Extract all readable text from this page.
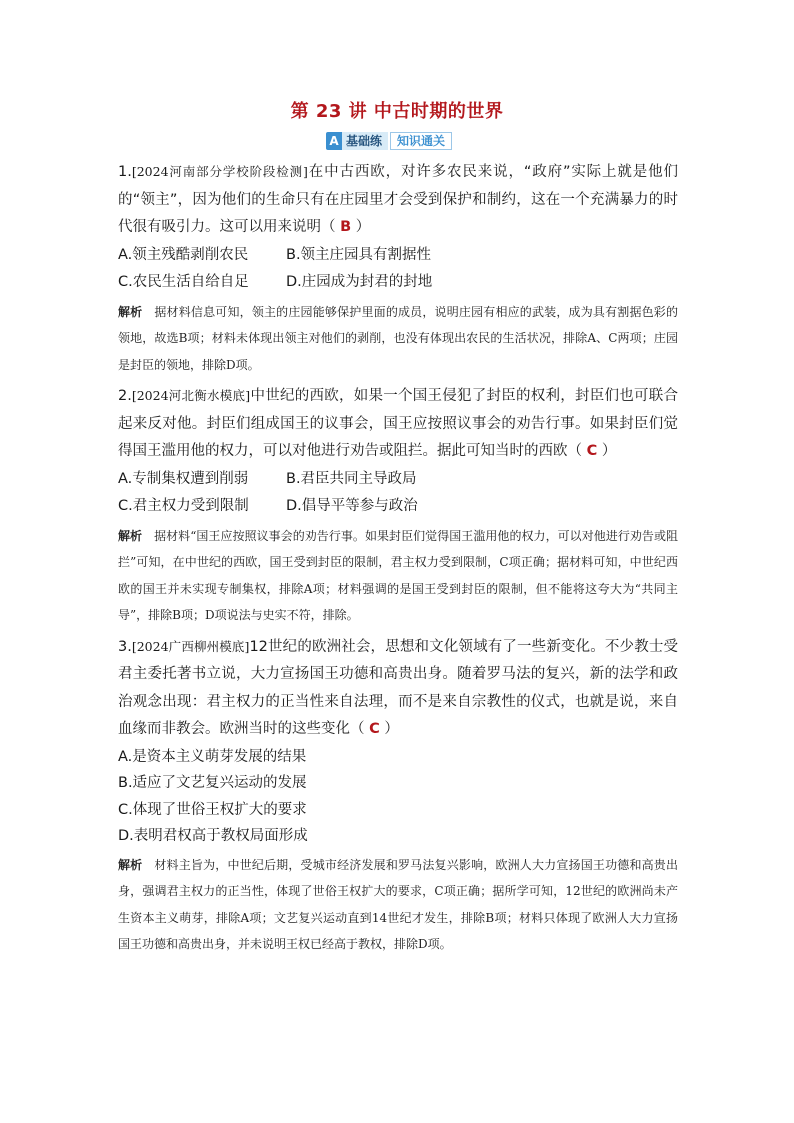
第 23 讲 中古时期的世界
A 基础练	知识通关

1.[2024河南部分学校阶段检测]在中古西欧，对许多农民来说，“政府”实际上就是他们的“领主”，因为他们的生命只有在庄园里才会受到保护和制约，这在一个充满暴力的时代很有吸引力。这可以用来说明（ B ）

A.领主残酷剥削农民	B.领主庄园具有割据性
C.农民生活自给自足	D.庄园成为封君的封地

解析 据材料信息可知，领主的庄园能够保护里面的成员，说明庄园有相应的武装，成为具有割据色彩的领地，故选B项；材料未体现出领主对他们的剥削，也没有体现出农民的生活状况，排除A、C两项；庄园是封臣的领地，排除D项。

2.[2024河北衡水模底]中世纪的西欧，如果一个国王侵犯了封臣的权利，封臣们也可联合起来反对他。封臣们组成国王的议事会，国王应按照议事会的劝告行事。如果封臣们觉得国王滥用他的权力，可以对他进行劝告或阻拦。据此可知当时的西欧（ C ）

A.专制集权遭到削弱	B.君臣共同主导政局
C.君主权力受到限制	D.倡导平等参与政治

解析 据材料“国王应按照议事会的劝告行事。如果封臣们觉得国王滥用他的权力，可以对他进行劝告或阻拦”可知，在中世纪的西欧，国王受到封臣的限制，君主权力受到限制，C项正确；据材料可知，中世纪西欧的国王并未实现专制集权，排除A项；材料强调的是国王受到封臣的限制，但不能将这夸大为“共同主导”，排除B项；D项说法与史实不符，排除。

3.[2024广西柳州模底]12世纪的欧洲社会，思想和文化领域有了一些新变化。不少教士受君主委托著书立说，大力宣扬国王功德和高贵出身。随着罗马法的复兴，新的法学和政治观念出现：君主权力的正当性来自法理，而不是来自宗教性的仪式，也就是说，来自血缘而非教会。欧洲当时的这些变化（ C ）

A.是资本主义萌芽发展的结果

B.适应了文艺复兴运动的发展

C.体现了世俗王权扩大的要求

D.表明君权高于教权局面形成

解析 材料主旨为，中世纪后期，受城市经济发展和罗马法复兴影响，欧洲人大力宣扬国王功德和高贵出身，强调君主权力的正当性，体现了世俗王权扩大的要求，C项正确；据所学可知，12世纪的欧洲尚未产生资本主义萌芽，排除A项；文艺复兴运动直到14世纪才发生，排除B项；材料只体现了欧洲人大力宣扬国王功德和高贵出身，并未说明王权已经高于教权，排除D项。
